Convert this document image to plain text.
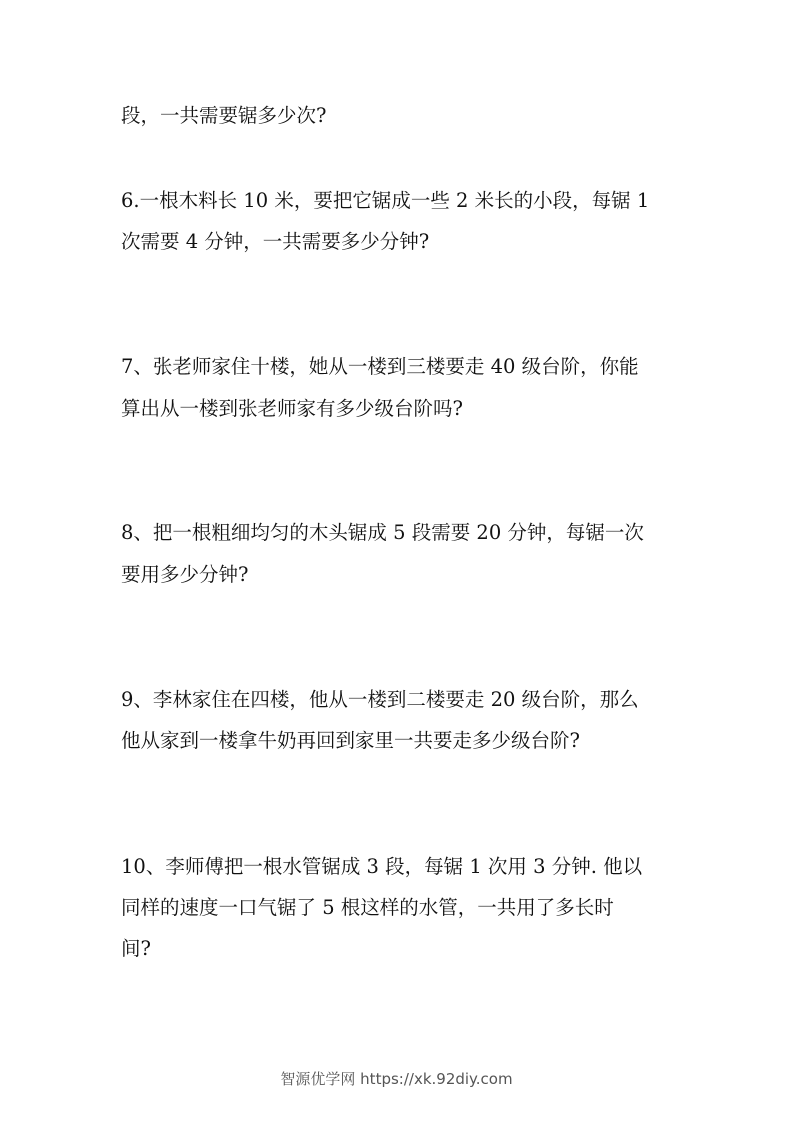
段，一共需要锯多少次?
6.一根木料长 10 米，要把它锯成一些 2 米长的小段，每锯 1
次需要 4 分钟，一共需要多少分钟?
7、张老师家住十楼，她从一楼到三楼要走 40 级台阶，你能
算出从一楼到张老师家有多少级台阶吗?
8、把一根粗细均匀的木头锯成 5 段需要 20 分钟，每锯一次
要用多少分钟?
9、李林家住在四楼，他从一楼到二楼要走 20 级台阶，那么
他从家到一楼拿牛奶再回到家里一共要走多少级台阶?
10、李师傅把一根水管锯成 3 段，每锯 1 次用 3 分钟. 他以
同样的速度一口气锯了 5 根这样的水管，一共用了多长时
间?
智源优学网 https://xk.92diy.com
